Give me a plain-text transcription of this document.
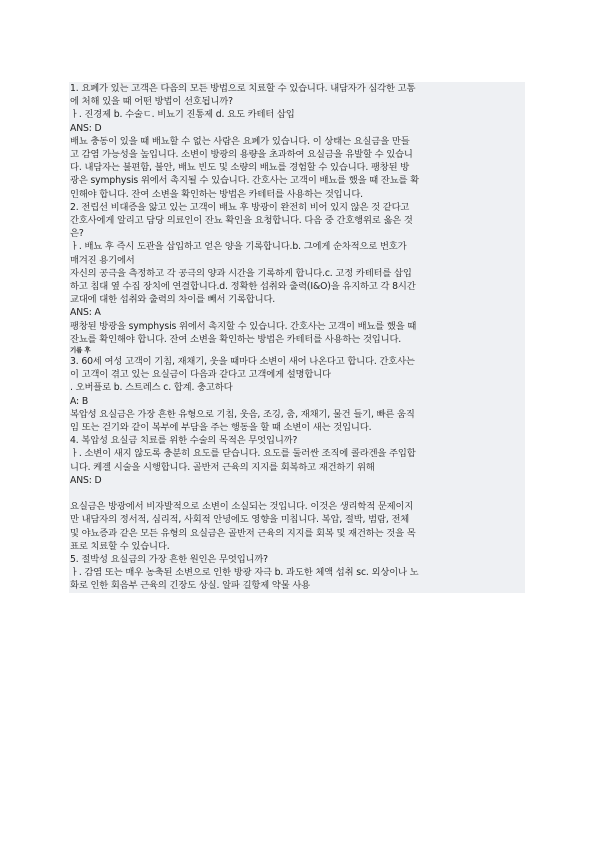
1. 요폐가 있는 고객은 다음의 모든 방법으로 치료할 수 있습니다. 내담자가 심각한 고통
에 처해 있을 때 어떤 방법이 선호됩니까?
ㅏ. 진경제 b. 수술ㄷ. 비뇨기 진통제 d. 요도 카테터 삽입
ANS: D
배뇨 충동이 있을 때 배뇨할 수 없는 사람은 요폐가 있습니다. 이 상태는 요실금을 만들
고 감염 가능성을 높입니다. 소변이 방광의 용량을 초과하여 요실금을 유발할 수 있습니
다. 내담자는 불편함, 불안, 배뇨 빈도 및 소량의 배뇨를 경험할 수 있습니다. 팽창된 방
광은 symphysis 위에서 촉지될 수 있습니다. 간호사는 고객이 배뇨를 했을 때 잔뇨를 확
인해야 합니다. 잔여 소변을 확인하는 방법은 카테터를 사용하는 것입니다.
2. 전립선 비대증을 앓고 있는 고객이 배뇨 후 방광이 완전히 비어 있지 않은 것 같다고
간호사에게 알리고 담당 의료인이 잔뇨 확인을 요청합니다. 다음 중 간호행위로 옳은 것
은?
ㅏ. 배뇨 후 즉시 도관을 삽입하고 얻은 양을 기록합니다.b. 그에게 순차적으로 번호가
매겨진 용기에서
자신의 공극을 측정하고 각 공극의 양과 시간을 기록하게 합니다.c. 고정 카테터를 삽입
하고 침대 옆 수집 장치에 연결합니다.d. 정확한 섭취와 출력(I&O)을 유지하고 각 8시간
교대에 대한 섭취와 출력의 차이를 빼서 기록합니다.
ANS: A
팽창된 방광을 symphysis 위에서 촉지할 수 있습니다. 간호사는 고객이 배뇨를 했을 때
잔뇨를 확인해야 합니다. 잔여 소변을 확인하는 방법은 카테터를 사용하는 것입니다.
기름 후
3. 60세 여성 고객이 기침, 재채기, 웃을 때마다 소변이 새어 나온다고 합니다. 간호사는
이 고객이 겪고 있는 요실금이 다음과 같다고 고객에게 설명합니다
. 오버플로 b. 스트레스 c. 합계. 충고하다
A: B
복압성 요실금은 가장 흔한 유형으로 기침, 웃음, 조깅, 춤, 재채기, 물건 들기, 빠른 움직
임 또는 걷기와 같이 복부에 부담을 주는 행동을 할 때 소변이 새는 것입니다.
4. 복압성 요실금 치료를 위한 수술의 목적은 무엇입니까?
ㅏ. 소변이 새지 않도록 충분히 요도를 닫습니다. 요도를 둘러싼 조직에 콜라겐을 주입합
니다. 케겔 시술을 시행합니다. 골반저 근육의 지지를 회복하고 재건하기 위해
ANS: D
요실금은 방광에서 비자발적으로 소변이 소실되는 것입니다. 이것은 생리학적 문제이지
만 내담자의 정서적, 심리적, 사회적 안녕에도 영향을 미칩니다. 복압, 절박, 범람, 전체
및 야뇨증과 같은 모든 유형의 요실금은 골반저 근육의 지지를 회복 및 재건하는 것을 목
표로 치료할 수 있습니다.
5. 절박성 요실금의 가장 흔한 원인은 무엇입니까?
ㅏ. 감염 또는 매우 농축된 소변으로 인한 방광 자극 b. 과도한 체액 섭취 sc. 외상이나 노
화로 인한 회음부 근육의 긴장도 상실. 알파 길항제 약물 사용
